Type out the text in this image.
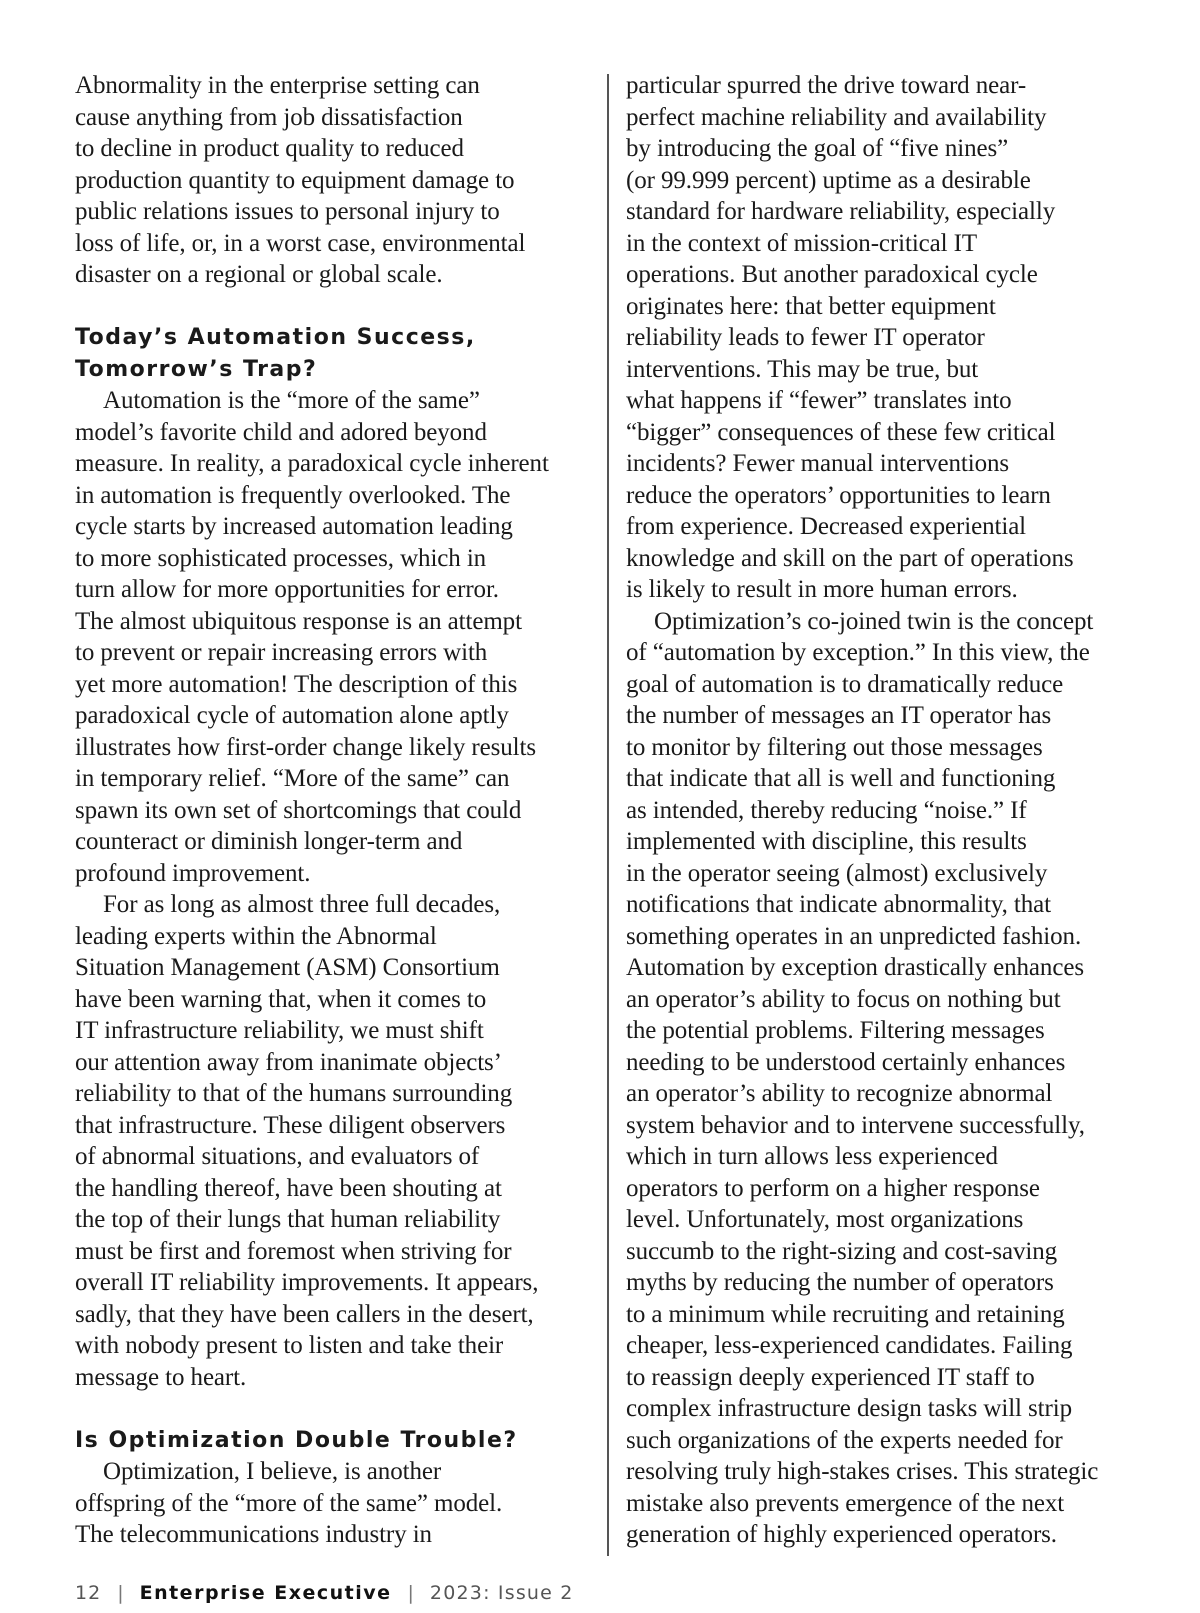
Abnormality in the enterprise setting can
cause anything from job dissatisfaction
to decline in product quality to reduced
production quantity to equipment damage to
public relations issues to personal injury to
loss of life, or, in a worst case, environmental
disaster on a regional or global scale.
Today’s Automation Success,
Tomorrow’s Trap?
Automation is the “more of the same”
model’s favorite child and adored beyond
measure. In reality, a paradoxical cycle inherent
in automation is frequently overlooked. The
cycle starts by increased automation leading
to more sophisticated processes, which in
turn allow for more opportunities for error.
The almost ubiquitous response is an attempt
to prevent or repair increasing errors with
yet more automation! The description of this
paradoxical cycle of automation alone aptly
illustrates how first-order change likely results
in temporary relief. “More of the same” can
spawn its own set of shortcomings that could
counteract or diminish longer-term and
profound improvement.
For as long as almost three full decades,
leading experts within the Abnormal
Situation Management (ASM) Consortium
have been warning that, when it comes to
IT infrastructure reliability, we must shift
our attention away from inanimate objects’
reliability to that of the humans surrounding
that infrastructure. These diligent observers
of abnormal situations, and evaluators of
the handling thereof, have been shouting at
the top of their lungs that human reliability
must be first and foremost when striving for
overall IT reliability improvements. It appears,
sadly, that they have been callers in the desert,
with nobody present to listen and take their
message to heart.
Is Optimization Double Trouble?
Optimization, I believe, is another
offspring of the “more of the same” model.
The telecommunications industry in
particular spurred the drive toward near-
perfect machine reliability and availability
by introducing the goal of “five nines”
(or 99.999 percent) uptime as a desirable
standard for hardware reliability, especially
in the context of mission-critical IT
operations. But another paradoxical cycle
originates here: that better equipment
reliability leads to fewer IT operator
interventions. This may be true, but
what happens if “fewer” translates into
“bigger” consequences of these few critical
incidents? Fewer manual interventions
reduce the operators’ opportunities to learn
from experience. Decreased experiential
knowledge and skill on the part of operations
is likely to result in more human errors.
Optimization’s co-joined twin is the concept
of “automation by exception.” In this view, the
goal of automation is to dramatically reduce
the number of messages an IT operator has
to monitor by filtering out those messages
that indicate that all is well and functioning
as intended, thereby reducing “noise.” If
implemented with discipline, this results
in the operator seeing (almost) exclusively
notifications that indicate abnormality, that
something operates in an unpredicted fashion.
Automation by exception drastically enhances
an operator’s ability to focus on nothing but
the potential problems. Filtering messages
needing to be understood certainly enhances
an operator’s ability to recognize abnormal
system behavior and to intervene successfully,
which in turn allows less experienced
operators to perform on a higher response
level. Unfortunately, most organizations
succumb to the right-sizing and cost-saving
myths by reducing the number of operators
to a minimum while recruiting and retaining
cheaper, less-experienced candidates. Failing
to reassign deeply experienced IT staff to
complex infrastructure design tasks will strip
such organizations of the experts needed for
resolving truly high-stakes crises. This strategic
mistake also prevents emergence of the next
generation of highly experienced operators.
12 | Enterprise Executive | 2023: Issue 2
